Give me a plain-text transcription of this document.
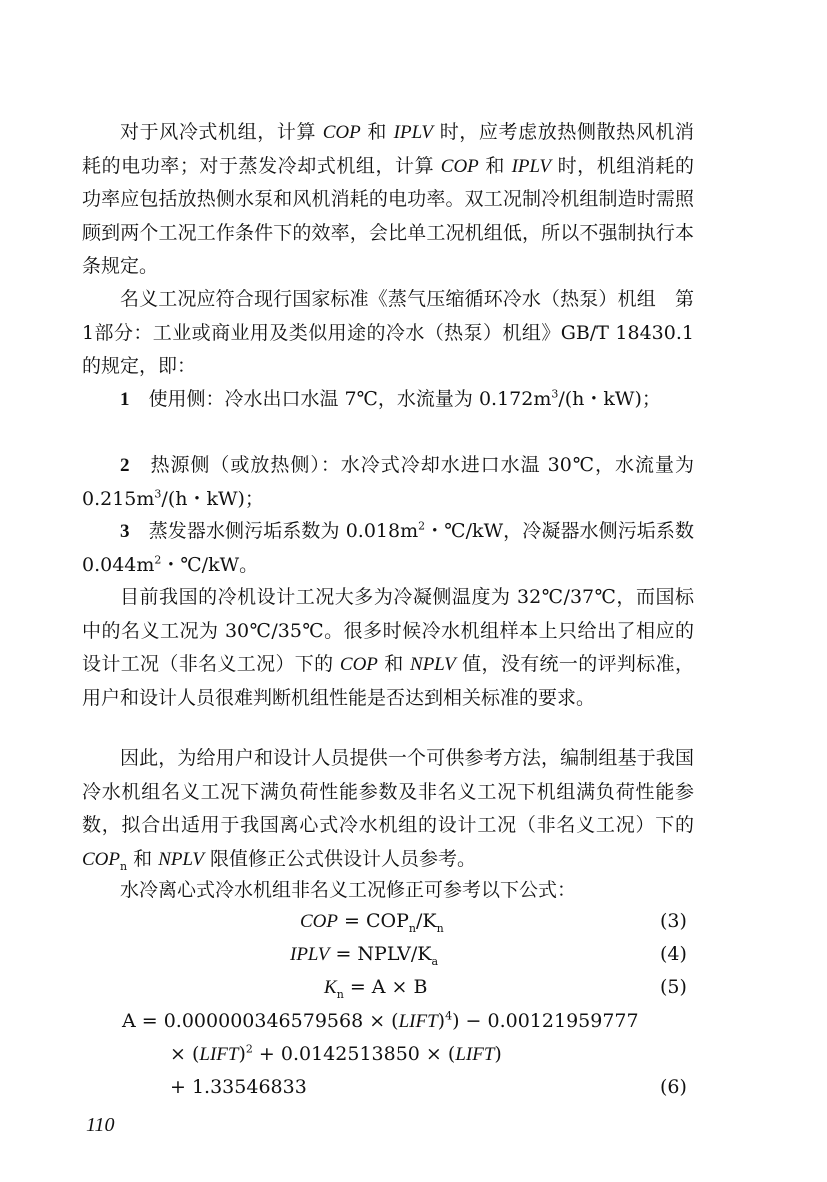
对于风冷式机组，计算 COP 和 IPLV 时，应考虑放热侧散热风机消耗的电功率；对于蒸发冷却式机组，计算 COP 和 IPLV 时，机组消耗的功率应包括放热侧水泵和风机消耗的电功率。双工况制冷机组制造时需照顾到两个工况工作条件下的效率，会比单工况机组低，所以不强制执行本条规定。

名义工况应符合现行国家标准《蒸气压缩循环冷水（热泵）机组　第1部分：工业或商业用及类似用途的冷水（热泵）机组》GB/T 18430.1 的规定，即：

1　 使用侧：冷水出口水温 7℃，水流量为 $0.172m^3/(h$・kW)；

2　 热源侧（或放热侧）：水冷式冷却水进口水温 30℃，水流量为 $0.215m^3/(h$・kW)；

3　 蒸发器水侧污垢系数为 $0.018m^2$・℃/kW，冷凝器水侧污垢系数 $0.044m^2$・℃/kW。

目前我国的冷机设计工况大多为冷凝侧温度为 32℃/37℃，而国标中的名义工况为 30℃/35℃。很多时候冷水机组样本上只给出了相应的设计工况（非名义工况）下的 COP 和 NPLV 值，没有统一的评判标准，用户和设计人员很难判断机组性能是否达到相关标准的要求。

因此，为给用户和设计人员提供一个可供参考方法，编制组基于我国冷水机组名义工况下满负荷性能参数及非名义工况下机组满负荷性能参数，拟合出适用于我国离心式冷水机组的设计工况（非名义工况）下的 $COP_n$ 和 NPLV 限值修正公式供设计人员参考。

水冷离心式冷水机组非名义工况修正可参考以下公式：

COP = $COP_n/K_n$	(3)
IPLV = NPLV/$K_a$	(4)
$K_n = A \times B$	(5)
A = 0.000000346579568 × (LIFT)$^4$) − 0.00121959777
× (LIFT)$^2$ + 0.0142513850 × (LIFT)
+ 1.33546833	(6)
110
